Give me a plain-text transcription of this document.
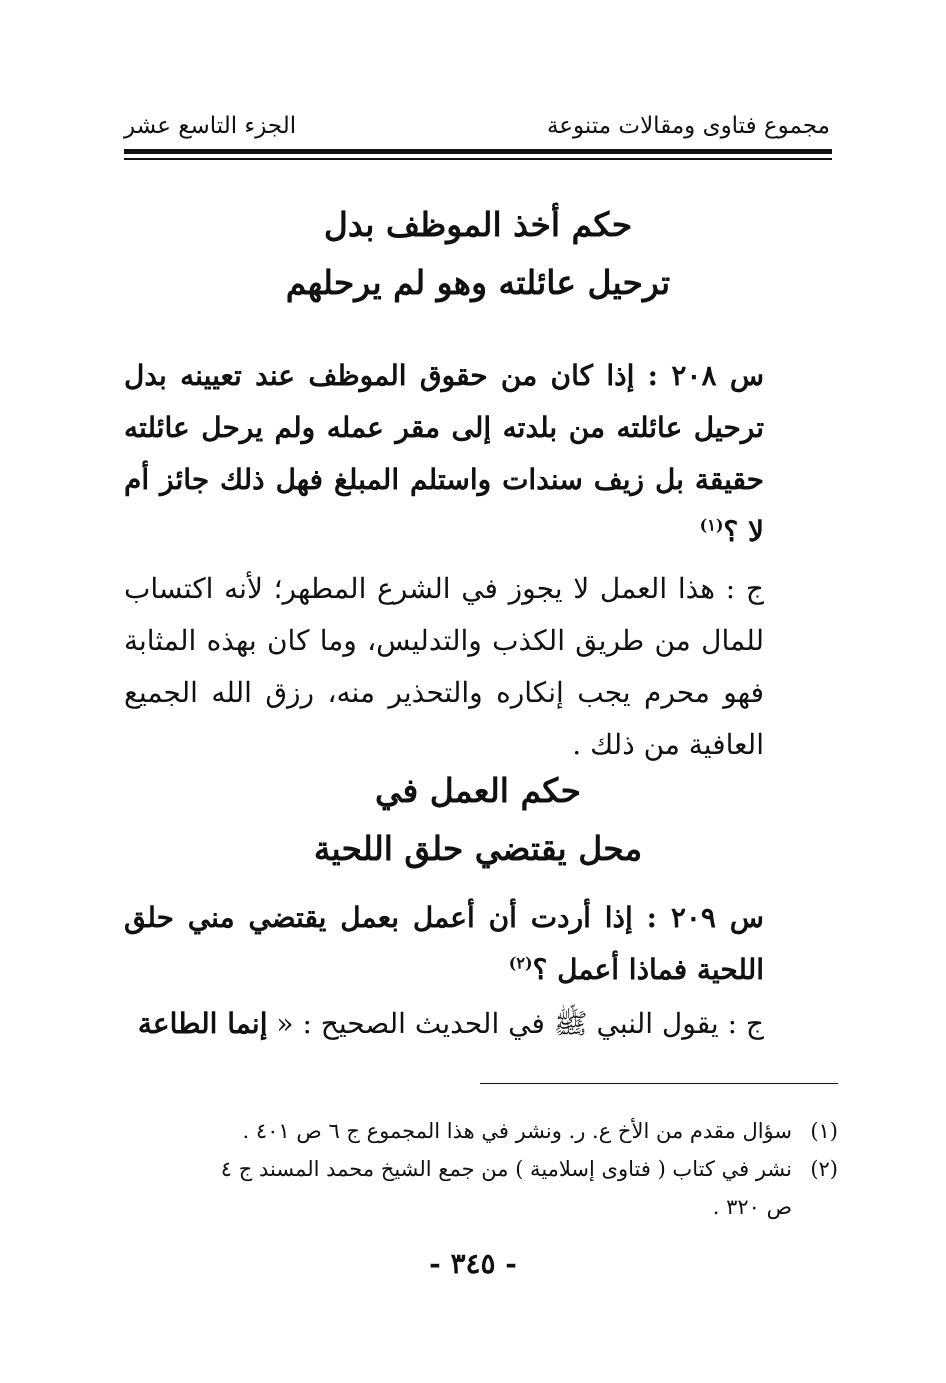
مجموع فتاوى ومقالات متنوعة
الجزء التاسع عشر
حكم أخذ الموظف بدل
ترحيل عائلته وهو لم يرحلهم
س ٢٠٨ : إذا كان من حقوق الموظف عند تعيينه بدل ترحيل عائلته من بلدته إلى مقر عمله ولم يرحل عائلته حقيقة بل زيف سندات واستلم المبلغ فهل ذلك جائز أم لا ؟$^{(١)}$
ج : هذا العمل لا يجوز في الشرع المطهر؛ لأنه اكتساب للمال من طريق الكذب والتدليس، وما كان بهذه المثابة فهو محرم يجب إنكاره والتحذير منه، رزق الله الجميع العافية من ذلك .
حكم العمل في
محل يقتضي حلق اللحية
س ٢٠٩ : إذا أردت أن أعمل بعمل يقتضي مني حلق اللحية فماذا أعمل ؟$^{(٢)}$
ج : يقول النبي ﷺ في الحديث الصحيح : « إنما الطاعة
(١)سؤال مقدم من الأخ ع. ر. ونشر في هذا المجموع ج ٦ ص ٤٠١ .
(٢)نشر في كتاب ( فتاوى إسلامية ) من جمع الشيخ محمد المسند ج ٤
ص ٣٢٠ .
- ٣٤٥ -
